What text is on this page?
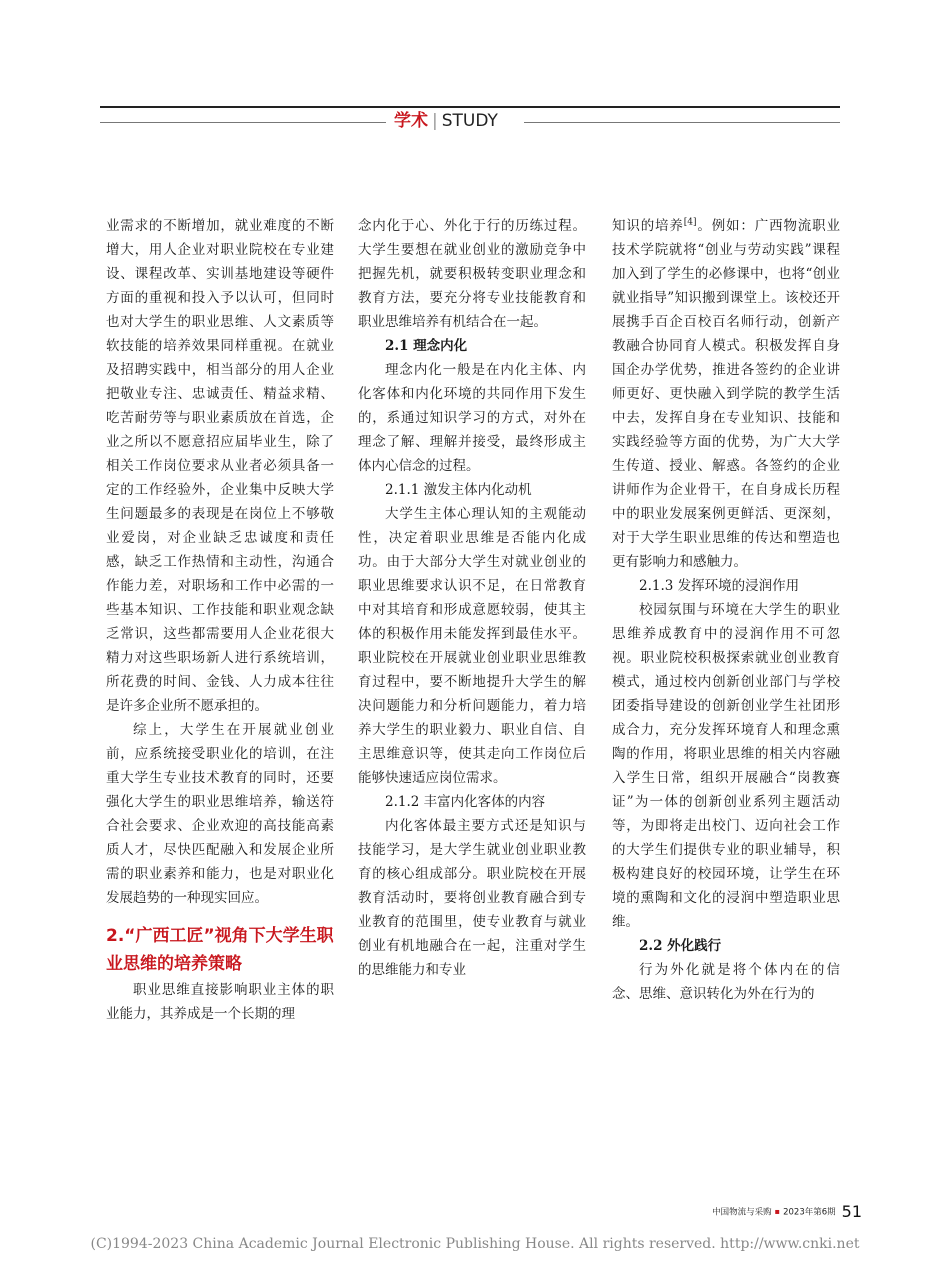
学术 | STUDY

业需求的不断增加，就业难度的不断增大，用人企业对职业院校在专业建设、课程改革、实训基地建设等硬件方面的重视和投入予以认可，但同时也对大学生的职业思维、人文素质等软技能的培养效果同样重视。在就业及招聘实践中，相当部分的用人企业把敬业专注、忠诚责任、精益求精、吃苦耐劳等与职业素质放在首选，企业之所以不愿意招应届毕业生，除了相关工作岗位要求从业者必须具备一定的工作经验外，企业集中反映大学生问题最多的表现是在岗位上不够敬业爱岗，对企业缺乏忠诚度和责任感，缺乏工作热情和主动性，沟通合作能力差，对职场和工作中必需的一些基本知识、工作技能和职业观念缺乏常识，这些都需要用人企业花很大精力对这些职场新人进行系统培训，所花费的时间、金钱、人力成本往往是许多企业所不愿承担的。

综上，大学生在开展就业创业前，应系统接受职业化的培训，在注重大学生专业技术教育的同时，还要强化大学生的职业思维培养，输送符合社会要求、企业欢迎的高技能高素质人才，尽快匹配融入和发展企业所需的职业素养和能力，也是对职业化发展趋势的一种现实回应。

2.“广西工匠”视角下大学生职业思维的培养策略

职业思维直接影响职业主体的职业能力，其养成是一个长期的理

念内化于心、外化于行的历练过程。大学生要想在就业创业的激励竞争中把握先机，就要积极转变职业理念和教育方法，要充分将专业技能教育和职业思维培养有机结合在一起。

2.1 理念内化

理念内化一般是在内化主体、内化客体和内化环境的共同作用下发生的，系通过知识学习的方式，对外在理念了解、理解并接受，最终形成主体内心信念的过程。

2.1.1 激发主体内化动机

大学生主体心理认知的主观能动性，决定着职业思维是否能内化成功。由于大部分大学生对就业创业的职业思维要求认识不足，在日常教育中对其培育和形成意愿较弱，使其主体的积极作用未能发挥到最佳水平。职业院校在开展就业创业职业思维教育过程中，要不断地提升大学生的解决问题能力和分析问题能力，着力培养大学生的职业毅力、职业自信、自主思维意识等，使其走向工作岗位后能够快速适应岗位需求。

2.1.2 丰富内化客体的内容

内化客体最主要方式还是知识与技能学习，是大学生就业创业职业教育的核心组成部分。职业院校在开展教育活动时，要将创业教育融合到专业教育的范围里，使专业教育与就业创业有机地融合在一起，注重对学生的思维能力和专业

知识的培养[4]。例如：广西物流职业技术学院就将“创业与劳动实践”课程加入到了学生的必修课中，也将“创业就业指导”知识搬到课堂上。该校还开展携手百企百校百名师行动，创新产教融合协同育人模式。积极发挥自身国企办学优势，推进各签约的企业讲师更好、更快融入到学院的教学生活中去，发挥自身在专业知识、技能和实践经验等方面的优势，为广大大学生传道、授业、解惑。各签约的企业讲师作为企业骨干，在自身成长历程中的职业发展案例更鲜活、更深刻，对于大学生职业思维的传达和塑造也更有影响力和感触力。

2.1.3 发挥环境的浸润作用

校园氛围与环境在大学生的职业思维养成教育中的浸润作用不可忽视。职业院校积极探索就业创业教育模式，通过校内创新创业部门与学校团委指导建设的创新创业学生社团形成合力，充分发挥环境育人和理念熏陶的作用，将职业思维的相关内容融入学生日常，组织开展融合“岗教赛证”为一体的创新创业系列主题活动等，为即将走出校门、迈向社会工作的大学生们提供专业的职业辅导，积极构建良好的校园环境，让学生在环境的熏陶和文化的浸润中塑造职业思维。

2.2 外化践行

行为外化就是将个体内在的信念、思维、意识转化为外在行为的

中国物流与采购 ▪ 2023年第6期 51
(C)1994-2023 China Academic Journal Electronic Publishing House. All rights reserved. http://www.cnki.net
